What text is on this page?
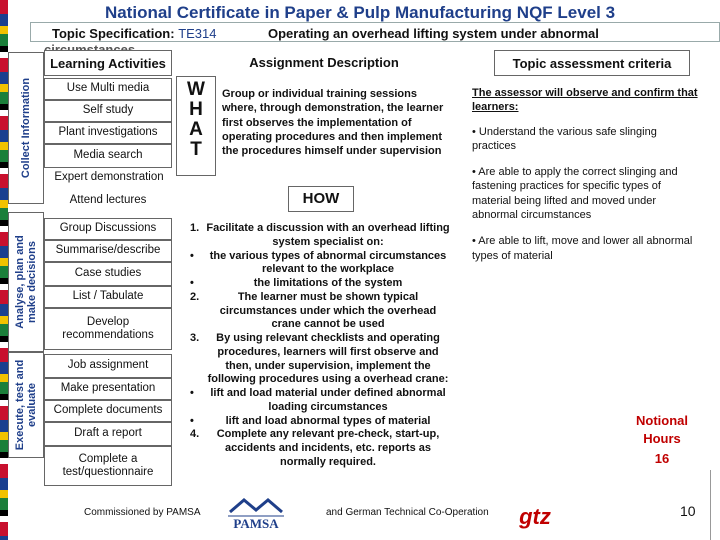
National Certificate in Paper & Pulp Manufacturing NQF Level 3
Topic Specification: TE314	Operating an overhead lifting system under abnormal
Collect Information
Analyse, plan and make decisions
Execute, test and evaluate
Learning Activities	Assignment Description	Topic assessment criteria
Use Multi media
Self study
Plant investigations
Media search
Expert demonstration
Attend lectures
Group Discussions
Summarise/describe
Case studies
List / Tabulate
Develop recommendations
Job assignment
Make presentation
Complete documents
Draft a report
Complete a test/questionnaire
W
H
A
T
Group or individual training sessions where, through demonstration, the learner first observes the implementation of operating procedures and then implement the procedures himself under supervision
HOW
1. Facilitate a discussion with an overhead lifting system specialist on:
•	the various types of abnormal circumstances relevant to the workplace
•	the limitations of the system
2.	The learner must be shown typical circumstances under which the overhead crane cannot be used
3.	By using relevant checklists and operating procedures, learners will first observe and then, under supervision, implement the following procedures using a overhead crane:
•	lift and load material under defined abnormal loading circumstances
•	lift and load abnormal types of material
4.	Complete any relevant pre-check, start-up, accidents and incidents, etc. reports as normally required.
The assessor will observe and confirm that learners:
• Understand the various safe slinging practices
• Are able to apply the correct slinging and fastening practices for specific types of material being lifted and moved under abnormal circumstances
• Are able to lift, move and lower all abnormal types of material
Notional Hours
16
Commissioned by PAMSA
PAMSA
and German Technical Co-Operation gtz	10
